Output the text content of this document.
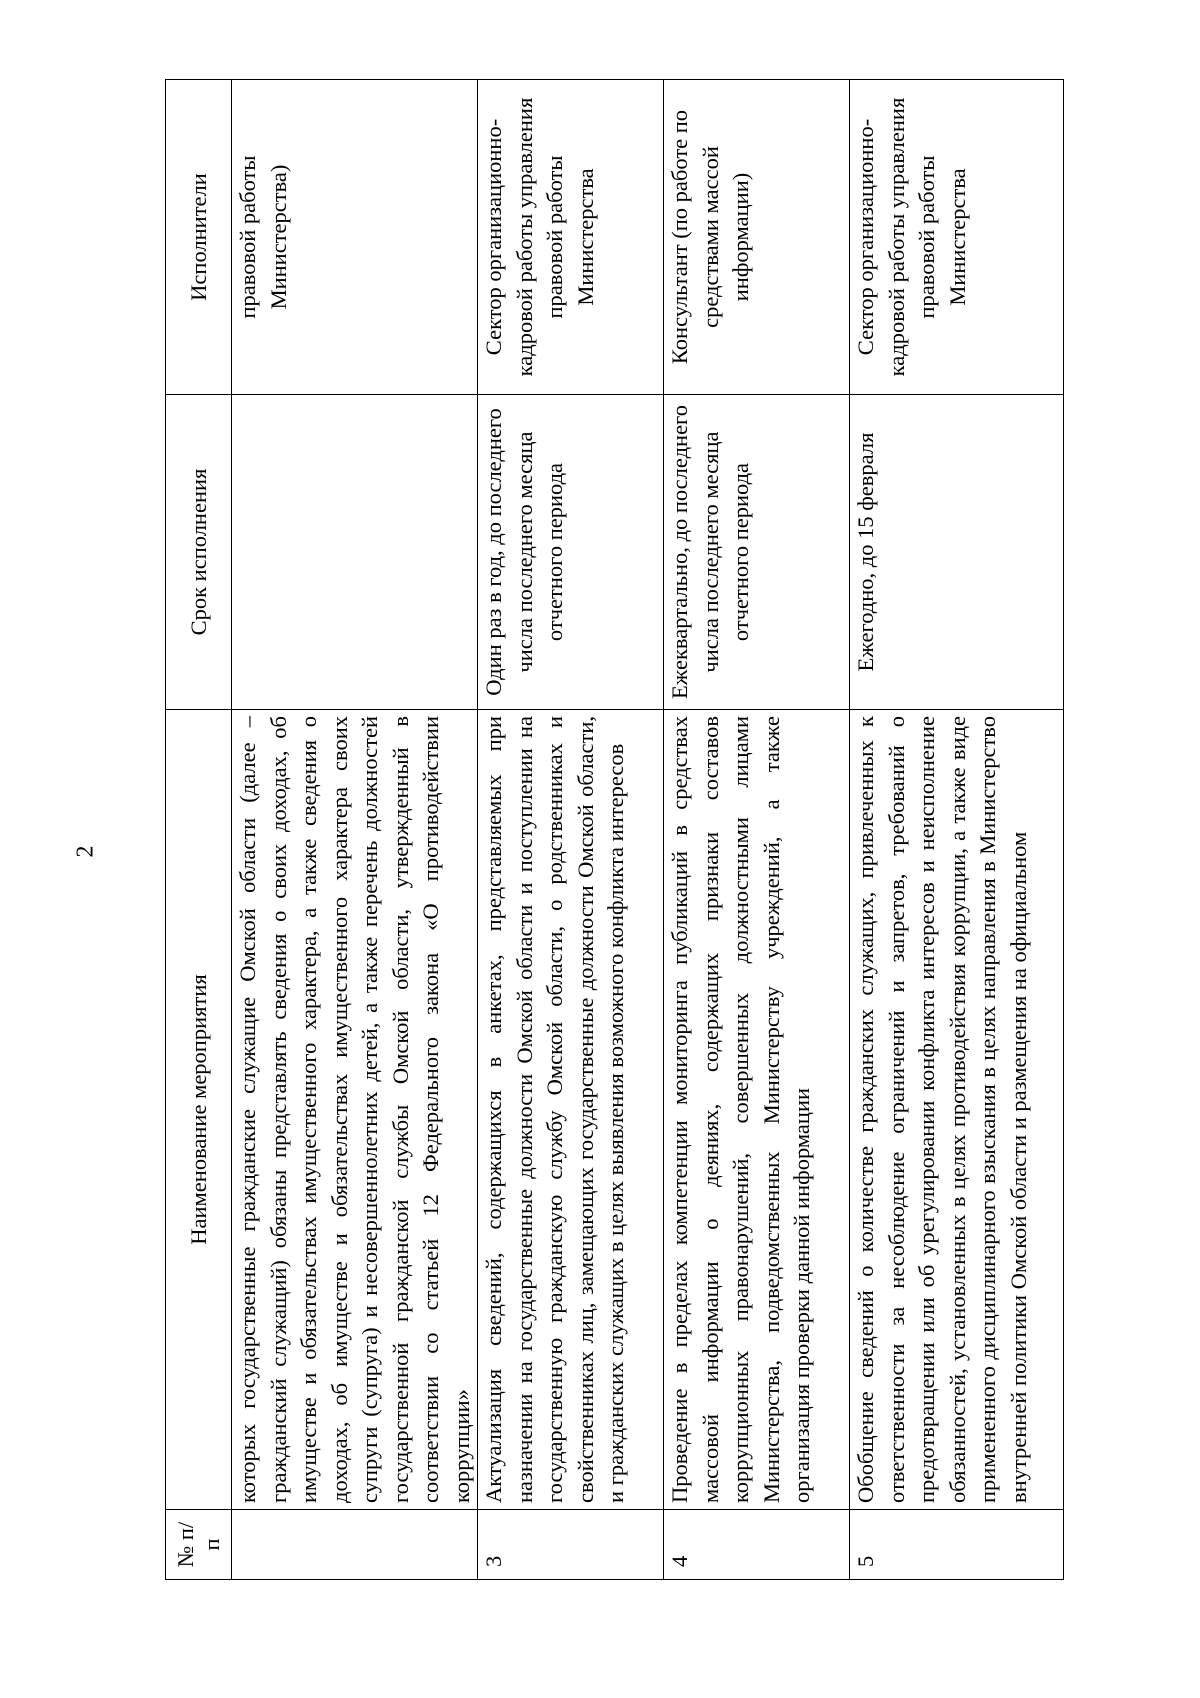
2
№ п/п	Наименование мероприятия	Срок исполнения	Исполнители
	которых государственные гражданские служащие Омской области (далее – гражданский служащий) обязаны представлять сведения о своих доходах, об имуществе и обязательствах имущественного характера, а также сведения о доходах, об имуществе и обязательствах имущественного характера своих супруги (супруга) и несовершеннолетних детей, а также перечень должностей государственной гражданской службы Омской области, утвержденный в соответствии со статьей 12 Федерального закона «О противодействии коррупции»		правовой работы Министерства)
3	Актуализация сведений, содержащихся в анкетах, представляемых при назначении на государственные должности Омской области и поступлении на государственную гражданскую службу Омской области, о родственниках и свойственниках лиц, замещающих государственные должности Омской области, и гражданских служащих в целях выявления возможного конфликта интересов	Один раз в год, до последнего числа последнего месяца отчетного периода	Сектор организационно-кадровой работы управления правовой работы Министерства
4	Проведение в пределах компетенции мониторинга публикаций в средствах массовой информации о деяниях, содержащих признаки составов коррупционных правонарушений, совершенных должностными лицами Министерства, подведомственных Министерству учреждений, а также организация проверки данной информации	Ежеквартально, до последнего числа последнего месяца отчетного периода	Консультант (по работе по средствами массой информации)
5	Обобщение сведений о количестве гражданских служащих, привлеченных к ответственности за несоблюдение ограничений и запретов, требований о предотвращении или об урегулировании конфликта интересов и неисполнение обязанностей, установленных в целях противодействия коррупции, а также виде примененного дисциплинарного взыскания в целях направления в Министерство внутренней политики Омской области и размещения на официальном	Ежегодно, до 15 февраля	Сектор организационно-кадровой работы управления правовой работы Министерства
